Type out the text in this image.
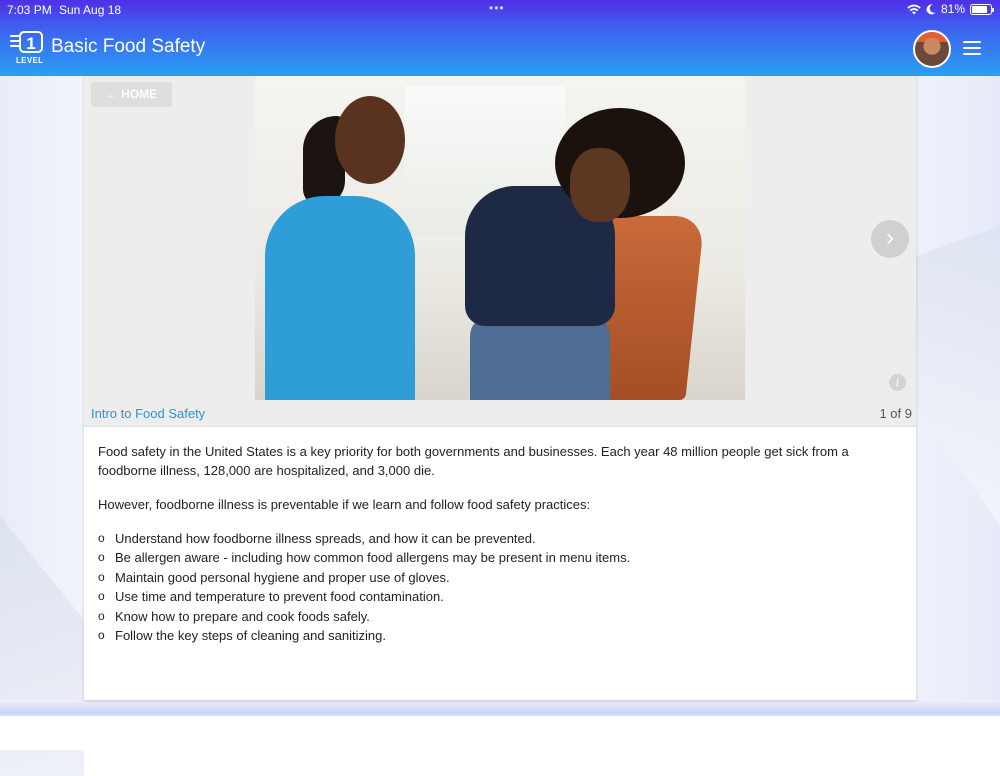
7:03 PM Sun Aug 18	•••	81%
1
LEVEL
Basic Food Safety
← HOME
›
i
Intro to Food Safety	1 of 9

Food safety in the United States is a key priority for both governments and businesses. Each year 48 million people get sick from a foodborne illness, 128,000 are hospitalized, and 3,000 die.

However, foodborne illness is preventable if we learn and follow food safety practices:

o Understand how foodborne illness spreads, and how it can be prevented.
o Be allergen aware - including how common food allergens may be present in menu items.
o Maintain good personal hygiene and proper use of gloves.
o Use time and temperature to prevent food contamination.
o Know how to prepare and cook foods safely.
o Follow the key steps of cleaning and sanitizing.
